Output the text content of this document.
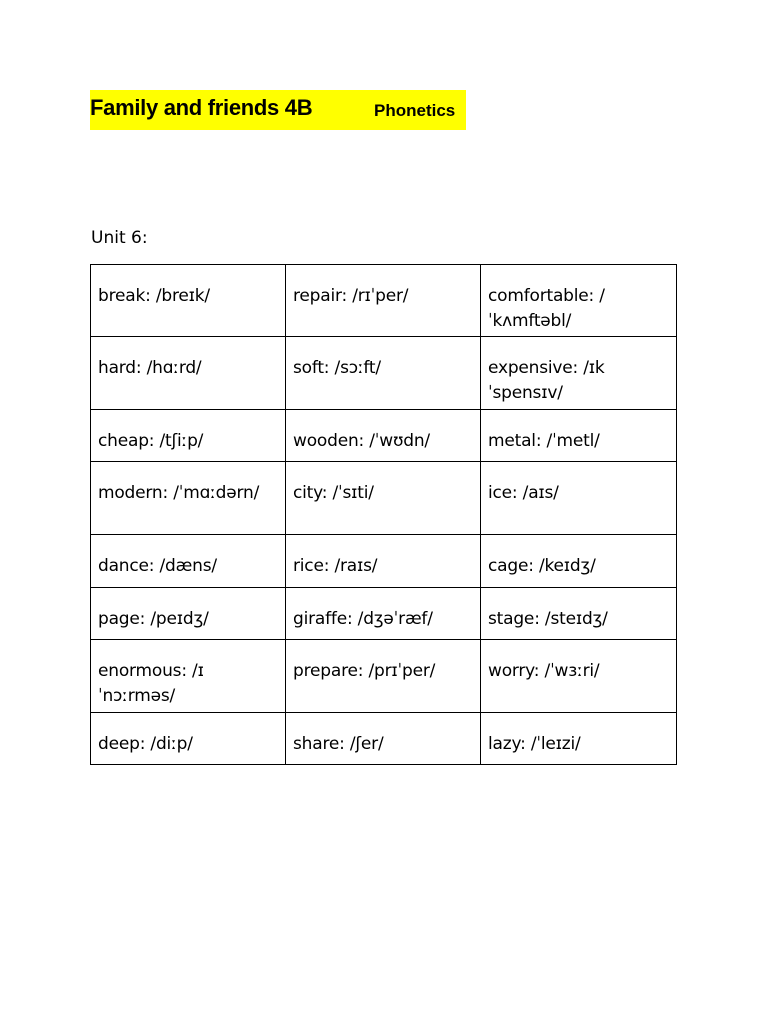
Family and friends 4B	Phonetics
Unit 6:
break: /breɪk/	repair: /rɪˈper/	comfortable: /ˈkʌmftəbl/
hard: /hɑːrd/	soft: /sɔːft/	expensive: /ɪkˈspensɪv/
cheap: /tʃiːp/	wooden: /ˈwʊdn/	metal: /ˈmetl/
modern: /ˈmɑːdərn/	city: /ˈsɪti/	ice: /aɪs/
dance: /dæns/	rice: /raɪs/	cage: /keɪdʒ/
page: /peɪdʒ/	giraffe: /dʒəˈræf/	stage: /steɪdʒ/
enormous: /ɪˈnɔːrməs/	prepare: /prɪˈper/	worry: /ˈwɜːri/
deep: /diːp/	share: /ʃer/	lazy: /ˈleɪzi/
